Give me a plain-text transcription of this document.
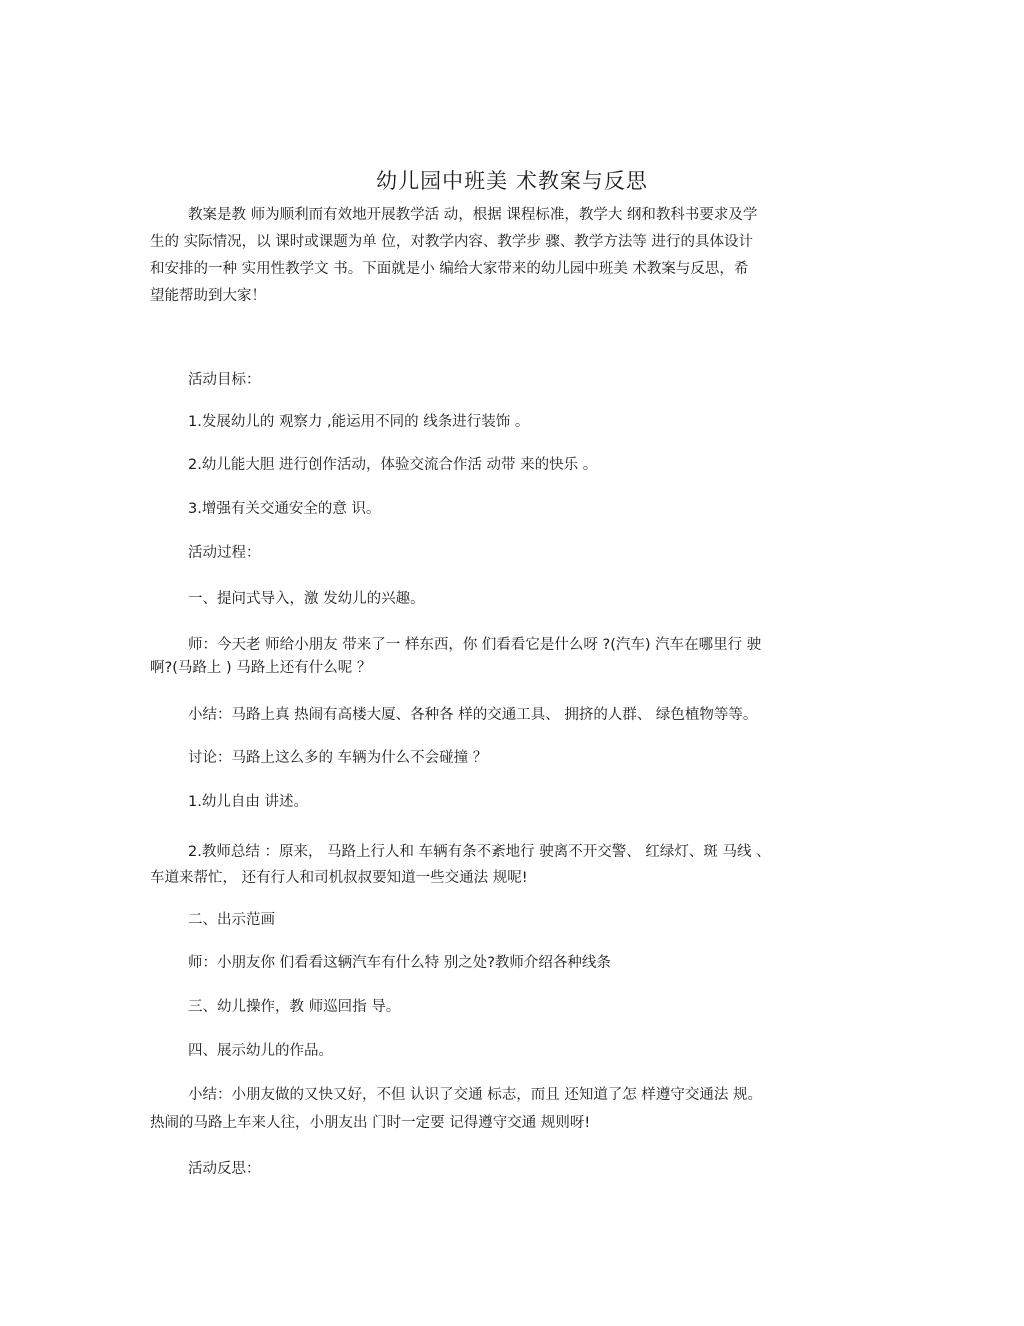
幼儿园中班美 术教案与反思
教案是教 师为顺利而有效地开展教学活 动，根据 课程标准，教学大 纲和教科书要求及学
生的 实际情况，以 课时或课题为单 位，对教学内容、教学步 骤、教学方法等 进行的具体设计
和安排的一种 实用性教学文 书。下面就是小 编给大家带来的幼儿园中班美 术教案与反思，希
望能帮助到大家！
活动目标：
1.发展幼儿的 观察力 ,能运用不同的 线条进行装饰 。
2.幼儿能大胆 进行创作活动，体验交流合作活 动带 来的快乐 。
3.增强有关交通安全的意 识。
活动过程：
一、提问式导入，激 发幼儿的兴趣。
师：今天老 师给小朋友 带来了一 样东西，你 们看看它是什么呀 ?(汽车) 汽车在哪里行 驶
啊?(马路上 ) 马路上还有什么呢 ？
小结：马路上真 热闹有高楼大厦、各种各 样的交通工具、 拥挤的人群、 绿色植物等等。
讨论：马路上这么多的 车辆为什么不会碰撞 ？
1.幼儿自由 讲述。
2.教师总结 ：原来， 马路上行人和 车辆有条不紊地行 驶离不开交警、 红绿灯、斑 马线 、
车道来帮忙， 还有行人和司机叔叔要知道一些交通法 规呢!
二、出示范画
师：小朋友你 们看看这辆汽车有什么特 别之处?教师介绍各种线条
三、幼儿操作，教 师巡回指 导。
四、展示幼儿的作品。
小结：小朋友做的又快又好，不但 认识了交通 标志，而且 还知道了怎 样遵守交通法 规。
热闹的马路上车来人往，小朋友出 门时一定要 记得遵守交通 规则呀!
活动反思：
